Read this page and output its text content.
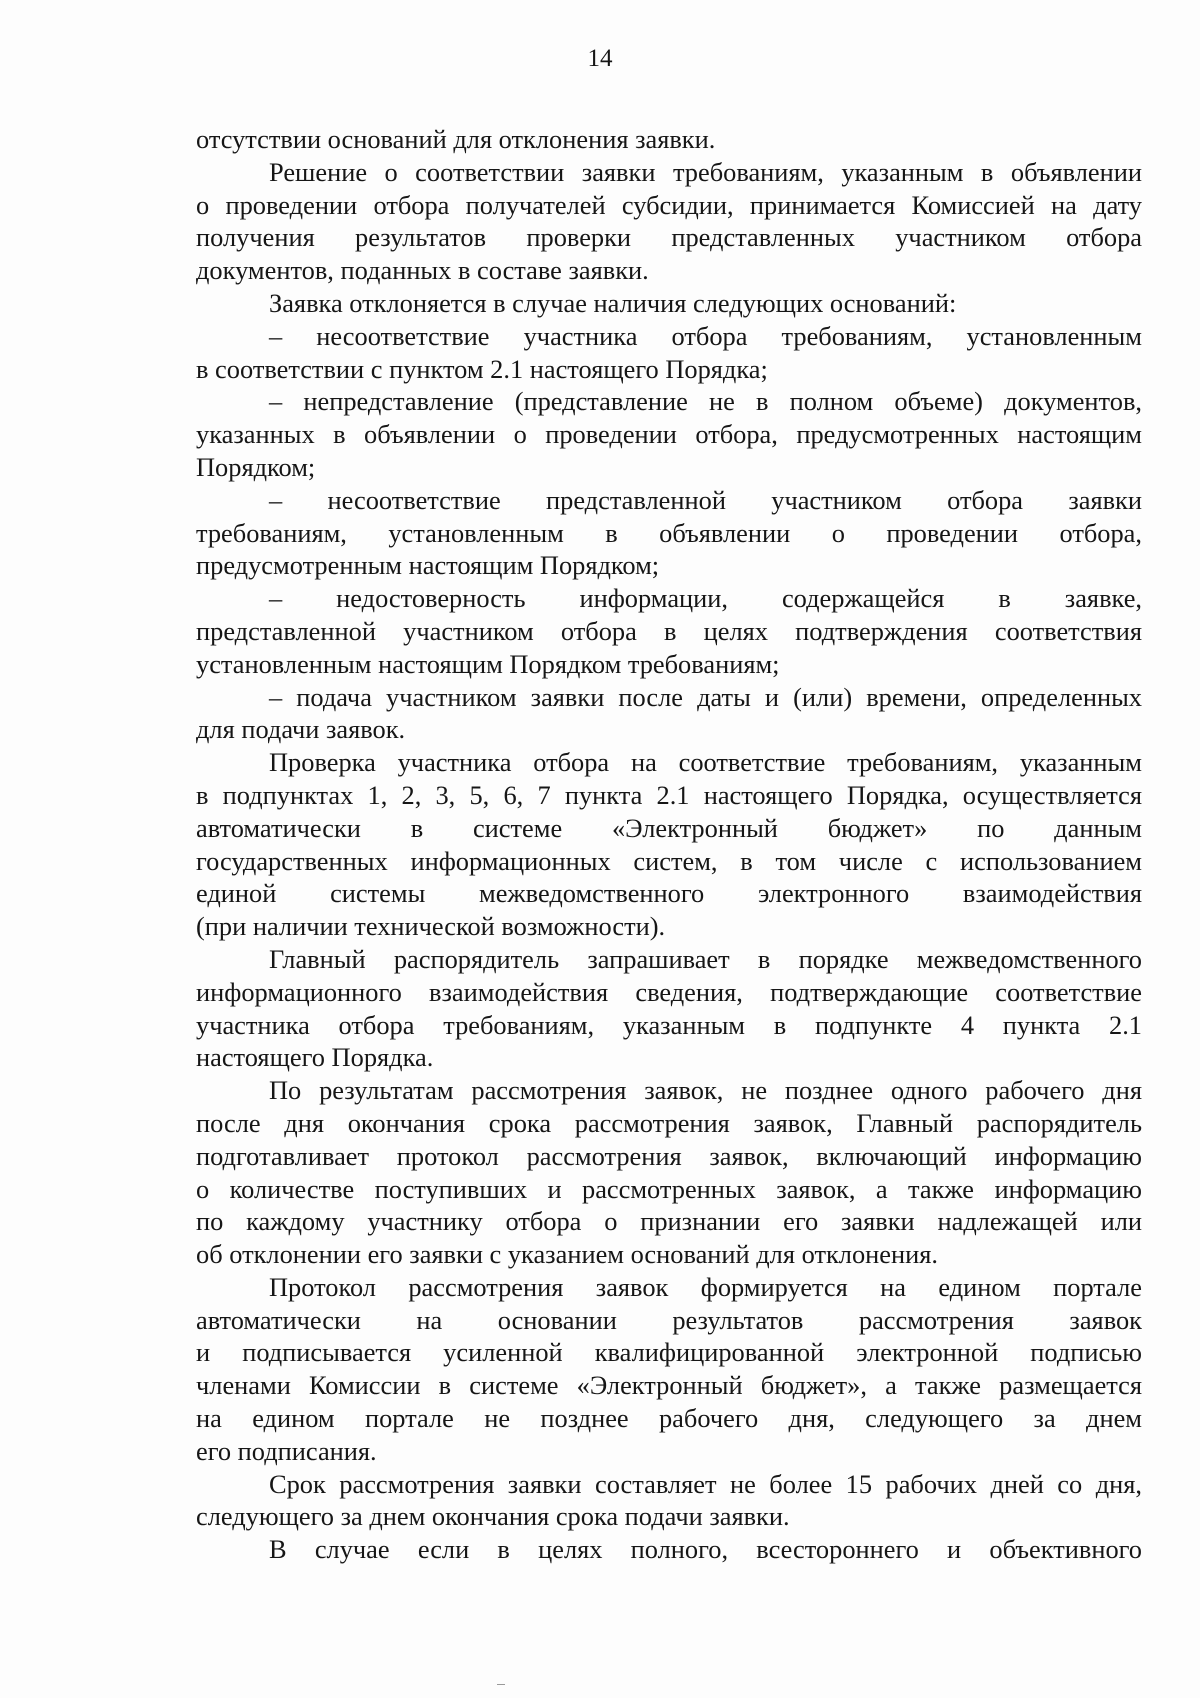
14
отсутствии оснований для отклонения заявки.
Решение о соответствии заявки требованиям, указанным в объявлении
о проведении отбора получателей субсидии, принимается Комиссией на дату
получения результатов проверки представленных участником отбора
документов, поданных в составе заявки.
Заявка отклоняется в случае наличия следующих оснований:
– несоответствие участника отбора требованиям, установленным
в соответствии с пунктом 2.1 настоящего Порядка;
– непредставление (представление не в полном объеме) документов,
указанных в объявлении о проведении отбора, предусмотренных настоящим
Порядком;
– несоответствие представленной участником отбора заявки
требованиям, установленным в объявлении о проведении отбора,
предусмотренным настоящим Порядком;
– недостоверность информации, содержащейся в заявке,
представленной участником отбора в целях подтверждения соответствия
установленным настоящим Порядком требованиям;
– подача участником заявки после даты и (или) времени, определенных
для подачи заявок.
Проверка участника отбора на соответствие требованиям, указанным
в подпунктах 1, 2, 3, 5, 6, 7 пункта 2.1 настоящего Порядка, осуществляется
автоматически в системе «Электронный бюджет» по данным
государственных информационных систем, в том числе с использованием
единой системы межведомственного электронного взаимодействия
(при наличии технической возможности).
Главный распорядитель запрашивает в порядке межведомственного
информационного взаимодействия сведения, подтверждающие соответствие
участника отбора требованиям, указанным в подпункте 4 пункта 2.1
настоящего Порядка.
По результатам рассмотрения заявок, не позднее одного рабочего дня
после дня окончания срока рассмотрения заявок, Главный распорядитель
подготавливает протокол рассмотрения заявок, включающий информацию
о количестве поступивших и рассмотренных заявок, а также информацию
по каждому участнику отбора о признании его заявки надлежащей или
об отклонении его заявки с указанием оснований для отклонения.
Протокол рассмотрения заявок формируется на едином портале
автоматически на основании результатов рассмотрения заявок
и подписывается усиленной квалифицированной электронной подписью
членами Комиссии в системе «Электронный бюджет», а также размещается
на едином портале не позднее рабочего дня, следующего за днем
его подписания.
Срок рассмотрения заявки составляет не более 15 рабочих дней со дня,
следующего за днем окончания срока подачи заявки.
В случае если в целях полного, всестороннего и объективного
